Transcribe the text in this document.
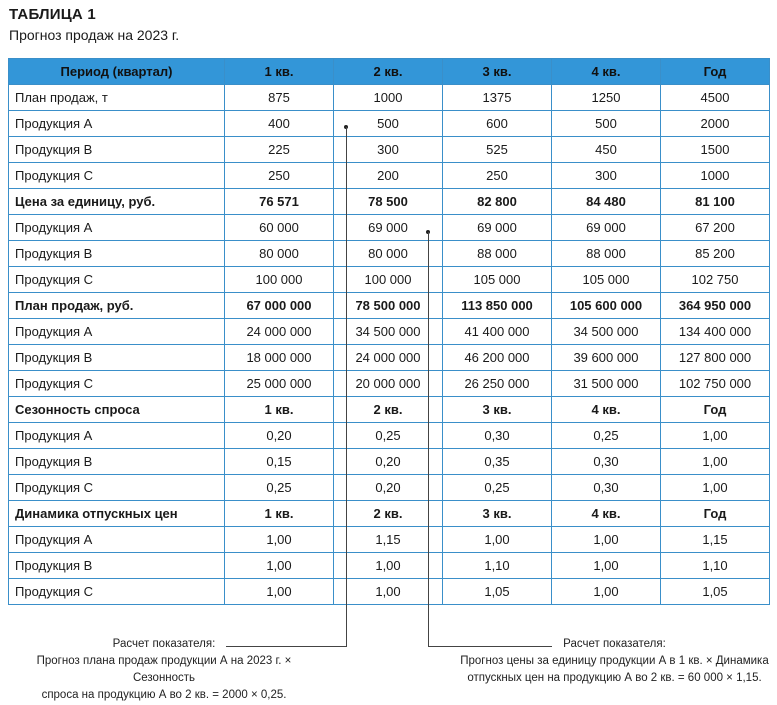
ТАБЛИЦА 1
Прогноз продаж на 2023 г.
Период (квартал)	1 кв.	2 кв.	3 кв.	4 кв.	Год
План продаж, т	875	1000	1375	1250	4500
Продукция А	400	500	600	500	2000
Продукция В	225	300	525	450	1500
Продукция С	250	200	250	300	1000
Цена за единицу, руб.	76 571	78 500	82 800	84 480	81 100
Продукция А	60 000	69 000	69 000	69 000	67 200
Продукция В	80 000	80 000	88 000	88 000	85 200
Продукция С	100 000	100 000	105 000	105 000	102 750
План продаж, руб.	67 000 000	78 500 000	113 850 000	105 600 000	364 950 000
Продукция А	24 000 000	34 500 000	41 400 000	34 500 000	134 400 000
Продукция В	18 000 000	24 000 000	46 200 000	39 600 000	127 800 000
Продукция С	25 000 000	20 000 000	26 250 000	31 500 000	102 750 000
Сезонность спроса	1 кв.	2 кв.	3 кв.	4 кв.	Год
Продукция А	0,20	0,25	0,30	0,25	1,00
Продукция В	0,15	0,20	0,35	0,30	1,00
Продукция С	0,25	0,20	0,25	0,30	1,00
Динамика отпускных цен	1 кв.	2 кв.	3 кв.	4 кв.	Год
Продукция А	1,00	1,15	1,00	1,00	1,15
Продукция В	1,00	1,00	1,10	1,00	1,10
Продукция С	1,00	1,00	1,05	1,00	1,05
Расчет показателя:
Прогноз плана продаж продукции А на 2023 г. × Сезонность
спроса на продукцию А во 2 кв. = 2000 × 0,25.
Расчет показателя:
Прогноз цены за единицу продукции А в 1 кв. × Динамика
отпускных цен на продукцию А во 2 кв. = 60 000 × 1,15.
